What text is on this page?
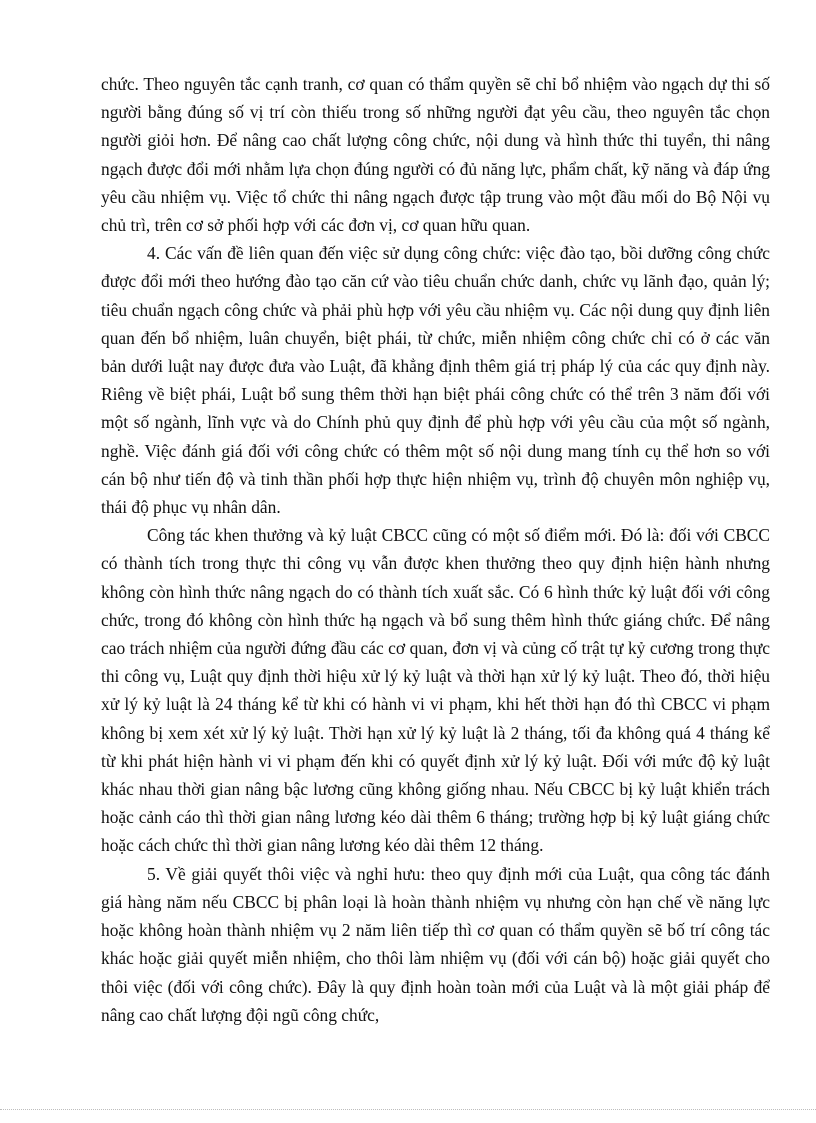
chức. Theo nguyên tắc cạnh tranh, cơ quan có thẩm quyền sẽ chỉ bổ nhiệm vào ngạch dự thi số người bằng đúng số vị trí còn thiếu trong số những người đạt yêu cầu, theo nguyên tắc chọn người giỏi hơn. Để nâng cao chất lượng công chức, nội dung và hình thức thi tuyển, thi nâng ngạch được đổi mới nhằm lựa chọn đúng người có đủ năng lực, phẩm chất, kỹ năng và đáp ứng yêu cầu nhiệm vụ. Việc tổ chức thi nâng ngạch được tập trung vào một đầu mối do Bộ Nội vụ chủ trì, trên cơ sở phối hợp với các đơn vị, cơ quan hữu quan.

4. Các vấn đề liên quan đến việc sử dụng công chức: việc đào tạo, bồi dưỡng công chức được đổi mới theo hướng đào tạo căn cứ vào tiêu chuẩn chức danh, chức vụ lãnh đạo, quản lý; tiêu chuẩn ngạch công chức và phải phù hợp với yêu cầu nhiệm vụ. Các nội dung quy định liên quan đến bổ nhiệm, luân chuyển, biệt phái, từ chức, miễn nhiệm công chức chỉ có ở các văn bản dưới luật nay được đưa vào Luật, đã khẳng định thêm giá trị pháp lý của các quy định này. Riêng về biệt phái, Luật bổ sung thêm thời hạn biệt phái công chức có thể trên 3 năm đối với một số ngành, lĩnh vực và do Chính phủ quy định để phù hợp với yêu cầu của một số ngành, nghề. Việc đánh giá đối với công chức có thêm một số nội dung mang tính cụ thể hơn so với cán bộ như tiến độ và tinh thần phối hợp thực hiện nhiệm vụ, trình độ chuyên môn nghiệp vụ, thái độ phục vụ nhân dân.

Công tác khen thưởng và kỷ luật CBCC cũng có một số điểm mới. Đó là: đối với CBCC có thành tích trong thực thi công vụ vẫn được khen thưởng theo quy định hiện hành nhưng không còn hình thức nâng ngạch do có thành tích xuất sắc. Có 6 hình thức kỷ luật đối với công chức, trong đó không còn hình thức hạ ngạch và bổ sung thêm hình thức giáng chức. Để nâng cao trách nhiệm của người đứng đầu các cơ quan, đơn vị và củng cố trật tự kỷ cương trong thực thi công vụ, Luật quy định thời hiệu xử lý kỷ luật và thời hạn xử lý kỷ luật. Theo đó, thời hiệu xử lý kỷ luật là 24 tháng kể từ khi có hành vi vi phạm, khi hết thời hạn đó thì CBCC vi phạm không bị xem xét xử lý kỷ luật. Thời hạn xử lý kỷ luật là 2 tháng, tối đa không quá 4 tháng kể từ khi phát hiện hành vi vi phạm đến khi có quyết định xử lý kỷ luật. Đối với mức độ kỷ luật khác nhau thời gian nâng bậc lương cũng không giống nhau. Nếu CBCC bị kỷ luật khiển trách hoặc cảnh cáo thì thời gian nâng lương kéo dài thêm 6 tháng; trường hợp bị kỷ luật giáng chức hoặc cách chức thì thời gian nâng lương kéo dài thêm 12 tháng.

5. Về giải quyết thôi việc và nghỉ hưu: theo quy định mới của Luật, qua công tác đánh giá hàng năm nếu CBCC bị phân loại là hoàn thành nhiệm vụ nhưng còn hạn chế về năng lực hoặc không hoàn thành nhiệm vụ 2 năm liên tiếp thì cơ quan có thẩm quyền sẽ bố trí công tác khác hoặc giải quyết miễn nhiệm, cho thôi làm nhiệm vụ (đối với cán bộ) hoặc giải quyết cho thôi việc (đối với công chức). Đây là quy định hoàn toàn mới của Luật và là một giải pháp để nâng cao chất lượng đội ngũ công chức,
